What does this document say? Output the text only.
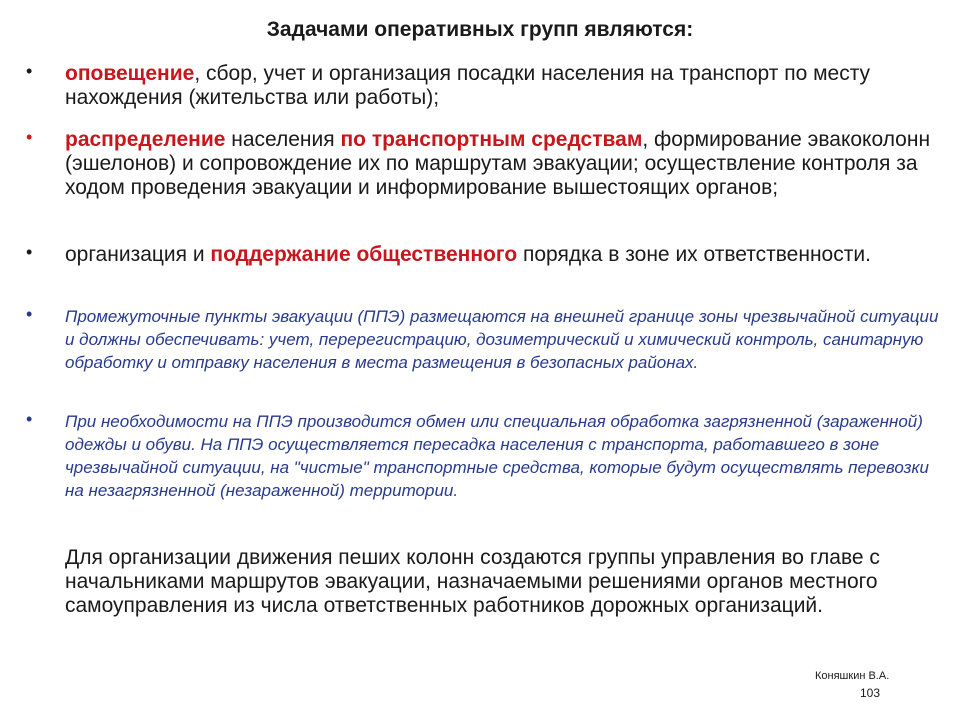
Задачами оперативных групп являются:
• оповещение, сбор, учет и организация посадки населения на транспорт по месту нахождения (жительства или работы);
• распределение населения по транспортным средствам, формирование эвакоколонн (эшелонов) и сопровождение их по маршрутам эвакуации; осуществление контроля за ходом проведения эвакуации и информирование вышестоящих органов;
• организация и поддержание общественного порядка в зоне их ответственности.
• Промежуточные пункты эвакуации (ППЭ) размещаются на внешней границе зоны чрезвычайной ситуации и должны обеспечивать: учет, перерегистрацию, дозиметрический и химический контроль, санитарную обработку и отправку населения в места размещения в безопасных районах.
• При необходимости на ППЭ производится обмен или специальная обработка загрязненной (зараженной) одежды и обуви. На ППЭ осуществляется пересадка населения с транспорта, работавшего в зоне чрезвычайной ситуации, на "чистые" транспортные средства, которые будут осуществлять перевозки на незагрязненной (незараженной) территории.
Для организации движения пеших колонн создаются группы управления во главе с начальниками маршрутов эвакуации, назначаемыми решениями органов местного самоуправления из числа ответственных работников дорожных организаций.
Коняшкин В.А.
103
